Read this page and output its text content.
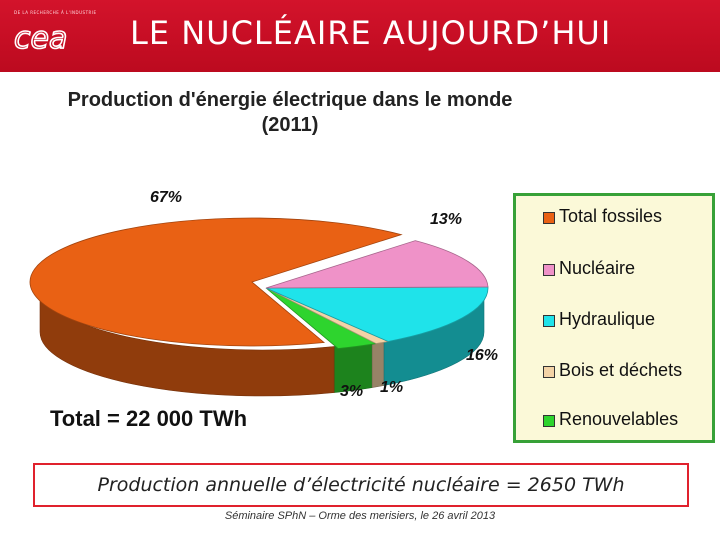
DE LA RECHERCHE À L'INDUSTRIE
cea LE NUCLÉAIRE AUJOURD’HUI
Production d'énergie électrique dans le monde
(2011)
67%
13%
16%
1%
3%
Total = 22 000 TWh
Total fossiles
Nucléaire
Hydraulique
Bois et déchets
Renouvelables
Production annuelle d’électricité nucléaire = 2650 TWh
Séminaire SPhN – Orme des merisiers, le 26 avril 2013
